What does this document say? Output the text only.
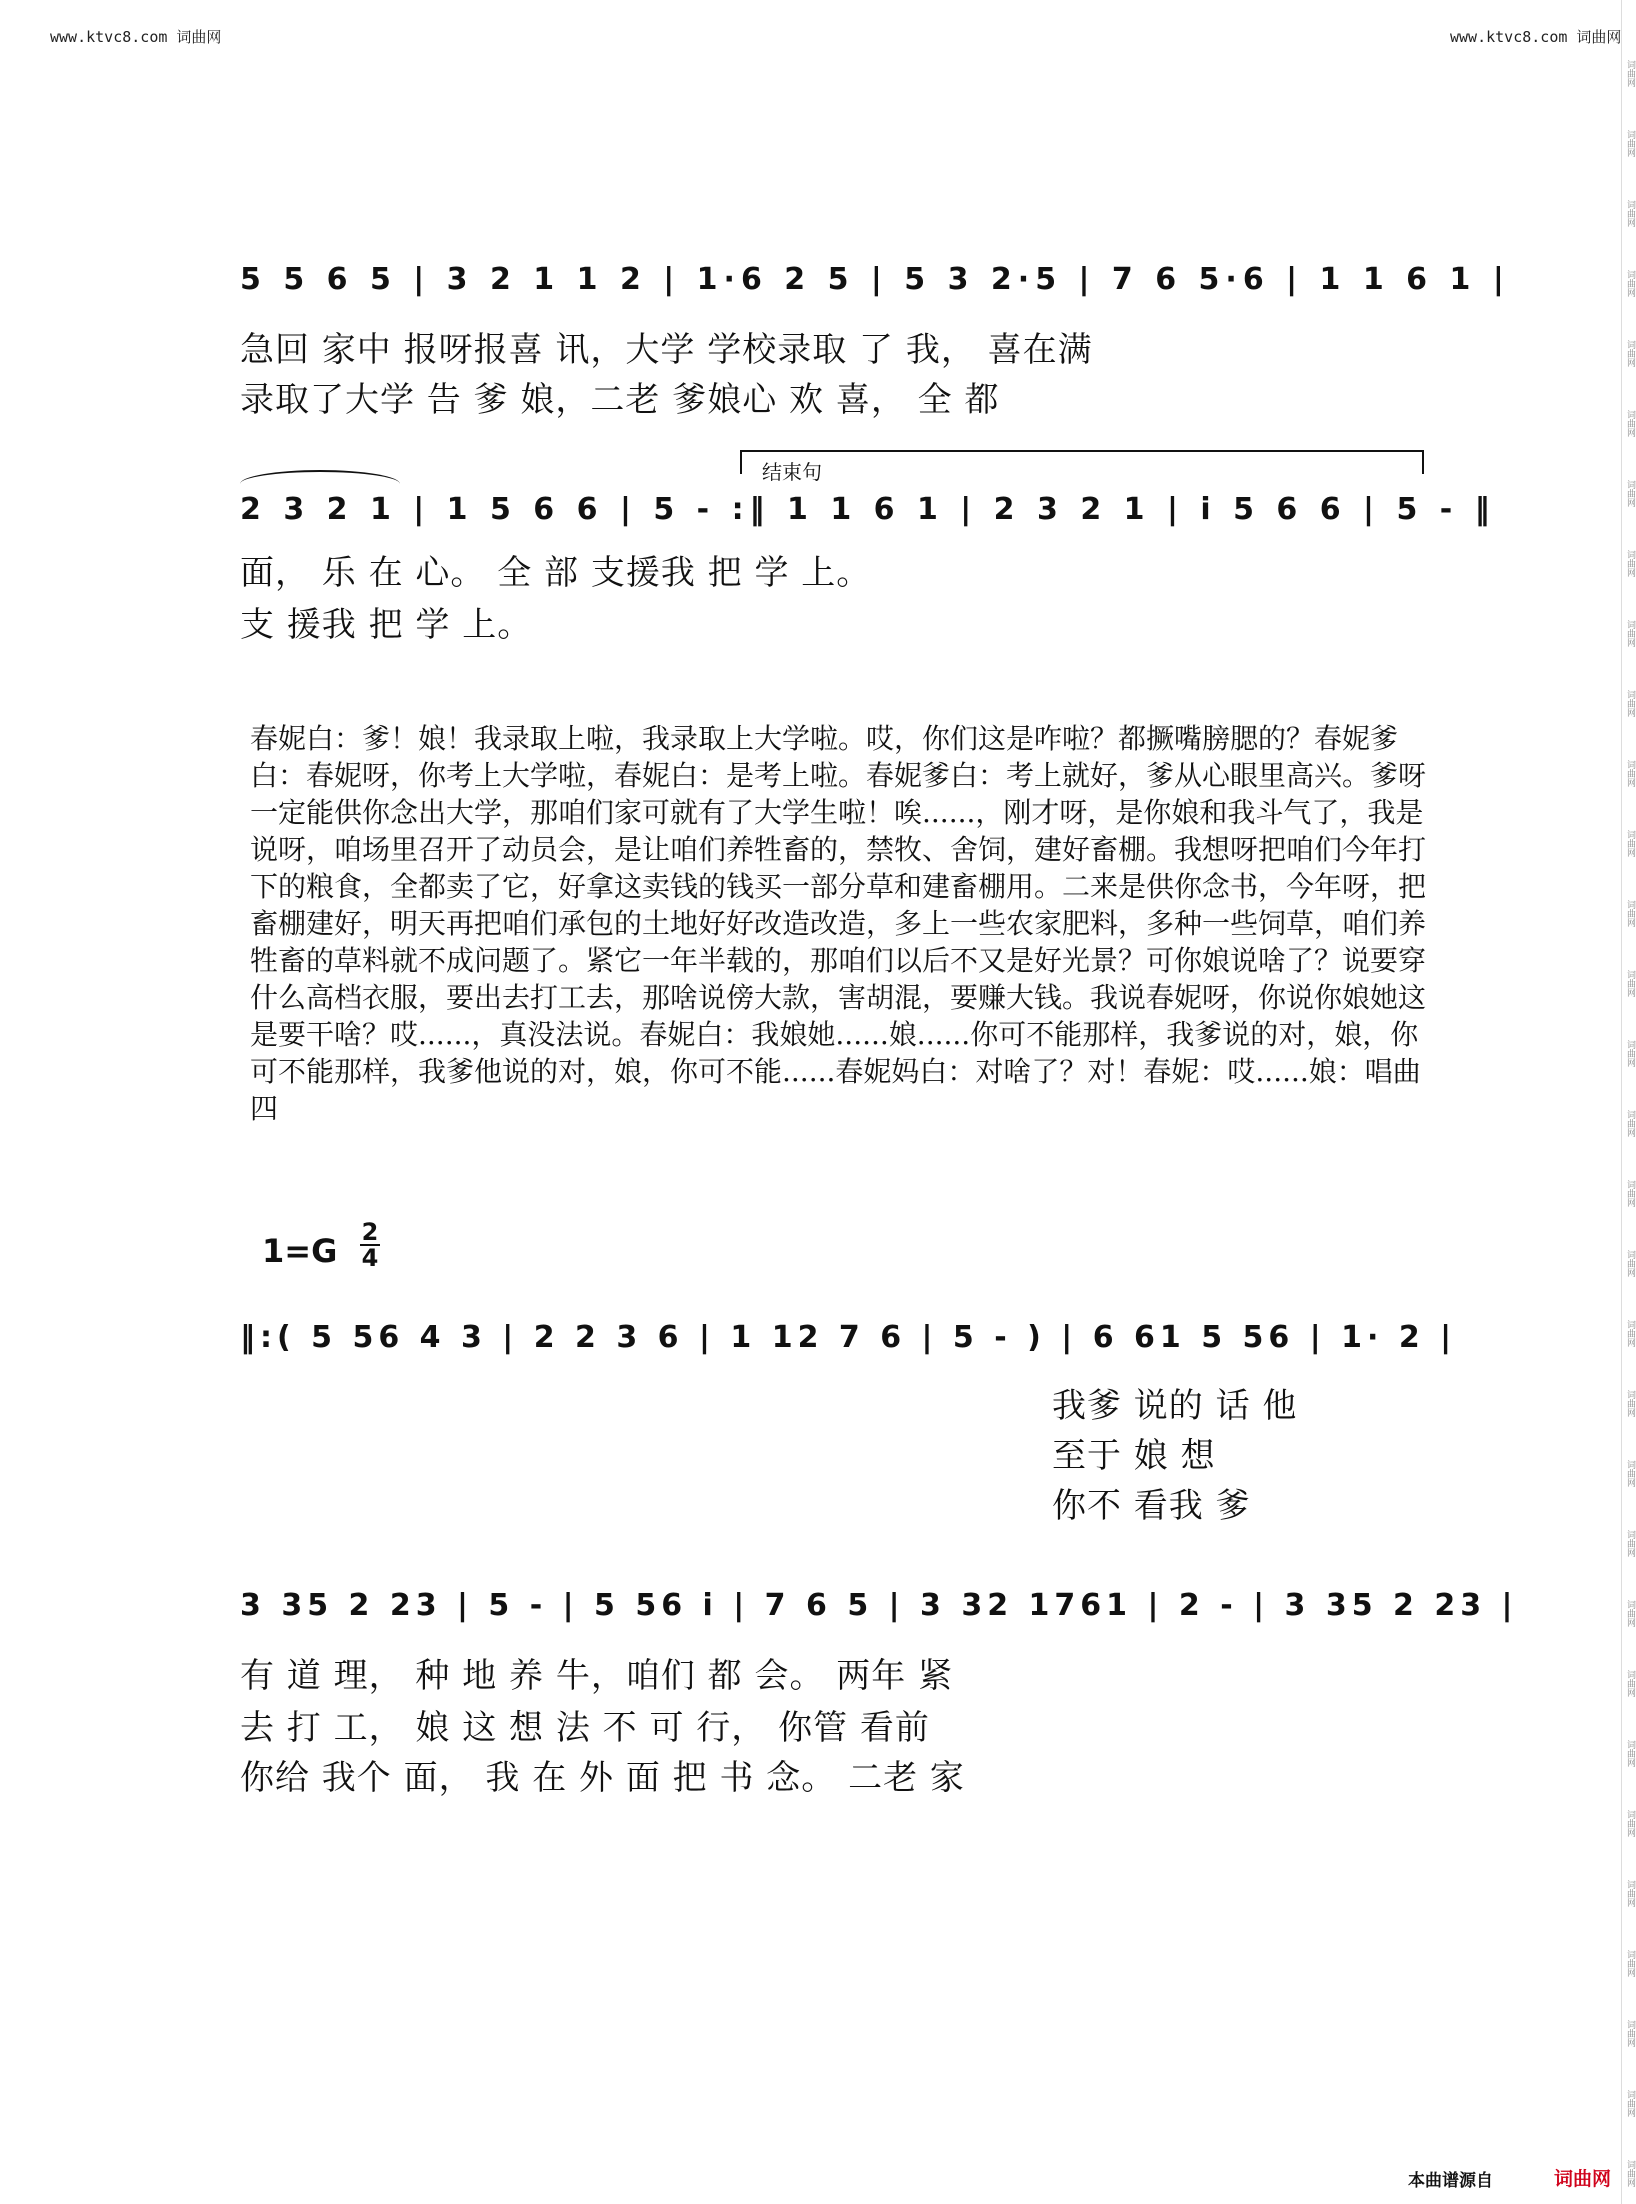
www.ktvc8.com 词曲网	www.ktvc8.com 词曲网
词曲网
词曲网
词曲网
词曲网
词曲网
词曲网
词曲网
词曲网
词曲网
词曲网
词曲网
词曲网
词曲网
词曲网
词曲网
词曲网
词曲网
词曲网
词曲网
词曲网
词曲网
词曲网
词曲网
词曲网
词曲网
词曲网
词曲网
词曲网
词曲网
词曲网
词曲网
5 5 6 5 | 3 2 1 1 2 | 1·6 2 5 | 5 3 2·5 | 7 6 5·6 | 1 1 6 1 |
急回 家中 报呀报喜 讯，大学 学校录取 了 我， 喜在满
录取了大学 告 爹 娘，二老 爹娘心 欢 喜， 全 都
结束句
2 3 2 1 | 1 5 6 6 | 5 - :‖ 1 1 6 1 | 2 3 2 1 | i 5 6 6 | 5 - ‖
面， 乐 在 心。 全 部 支援我 把 学 上。
支 援我 把 学 上。
春妮白：爹！娘！我录取上啦，我录取上大学啦。哎，你们这是咋啦？都撅嘴膀腮的？春妮爹白：春妮呀，你考上大学啦，春妮白：是考上啦。春妮爹白：考上就好，爹从心眼里高兴。爹呀一定能供你念出大学，那咱们家可就有了大学生啦！唉......，刚才呀，是你娘和我斗气了，我是说呀，咱场里召开了动员会，是让咱们养牲畜的，禁牧、舍饲，建好畜棚。我想呀把咱们今年打下的粮食，全都卖了它，好拿这卖钱的钱买一部分草和建畜棚用。二来是供你念书，今年呀，把畜棚建好，明天再把咱们承包的土地好好改造改造，多上一些农家肥料，多种一些饲草，咱们养牲畜的草料就不成问题了。紧它一年半载的，那咱们以后不又是好光景？可你娘说啥了？说要穿什么高档衣服，要出去打工去，那啥说傍大款，害胡混，要赚大钱。我说春妮呀，你说你娘她这是要干啥？哎......，真没法说。春妮白：我娘她......娘......你可不能那样，我爹说的对，娘，你可不能那样，我爹他说的对，娘，你可不能......春妮妈白：对啥了？对！春妮：哎......娘：唱曲四
1=G 2
4
‖:( 5 56 4 3 | 2 2 3 6 | 1 12 7 6 | 5 - ) | 6 61 5 56 | 1· 2 |
我爹 说的 话 他
至于 娘 想
你不 看我 爹
3 35 2 23 | 5 - | 5 56 i | 7 6 5 | 3 32 1761 | 2 - | 3 35 2 23 |
有 道 理， 种 地 养 牛，咱们 都 会。 两年 紧
去 打 工， 娘 这 想 法 不 可 行， 你管 看前
你给 我个 面， 我 在 外 面 把 书 念。 二老 家
本曲谱源自	词曲网
